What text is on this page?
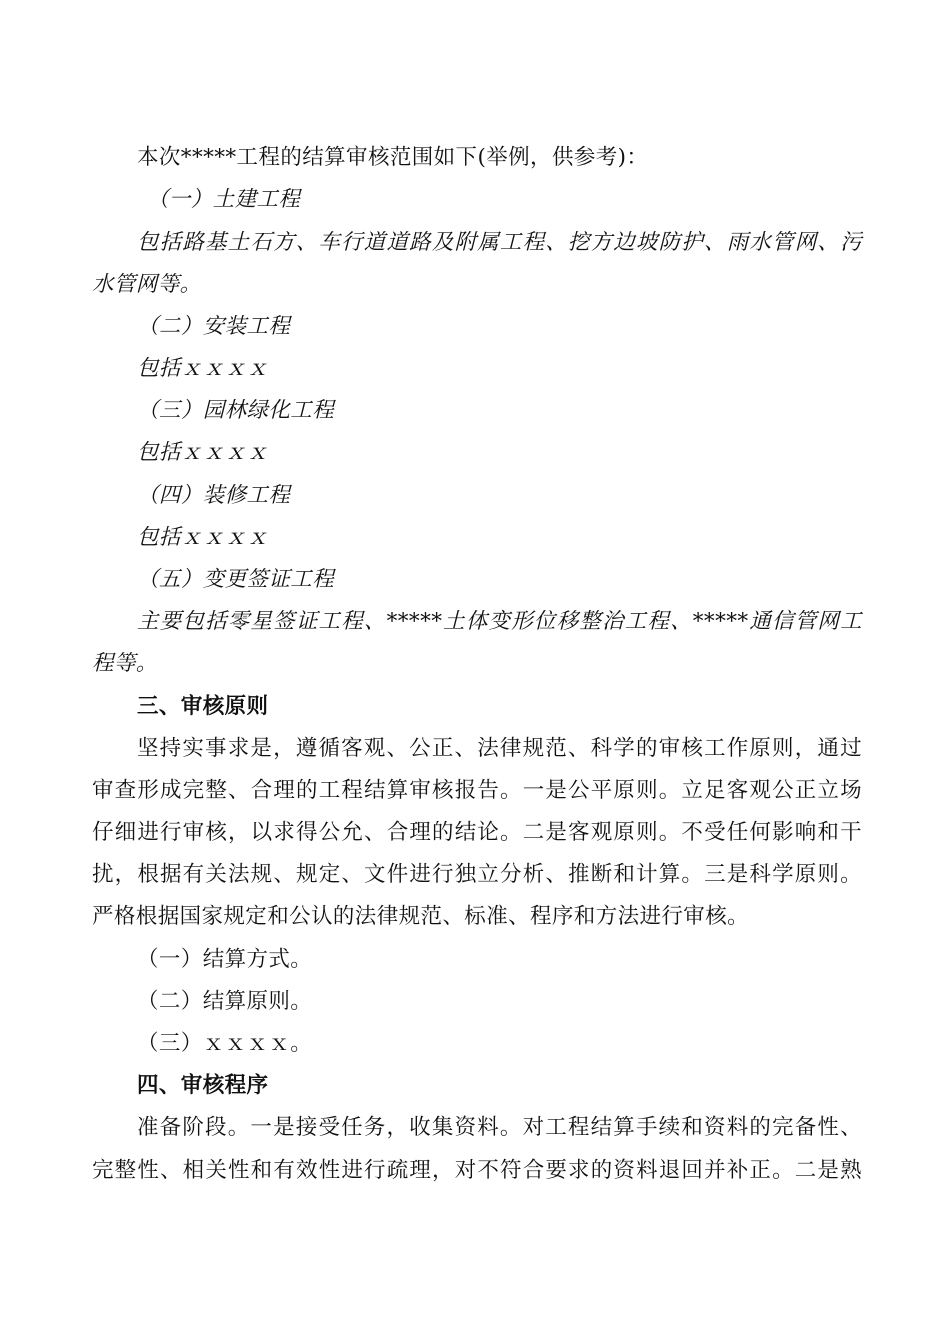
本次*****工程的结算审核范围如下(举例，供参考)：
（一）土建工程
包括路基土石方、车行道道路及附属工程、挖方边坡防护、雨水管网、污
水管网等。
（二）安装工程
包括ｘｘｘｘ
（三）园林绿化工程
包括ｘｘｘｘ
（四）装修工程
包括ｘｘｘｘ
（五）变更签证工程
主要包括零星签证工程、*****土体变形位移整治工程、*****通信管网工
程等。
三、审核原则
坚持实事求是，遵循客观、公正、法律规范、科学的审核工作原则，通过
审查形成完整、合理的工程结算审核报告。一是公平原则。立足客观公正立场
仔细进行审核，以求得公允、合理的结论。二是客观原则。不受任何影响和干
扰，根据有关法规、规定、文件进行独立分析、推断和计算。三是科学原则。
严格根据国家规定和公认的法律规范、标准、程序和方法进行审核。
（一）结算方式。
（二）结算原则。
（三）ｘｘｘｘ。
四、审核程序
准备阶段。一是接受任务，收集资料。对工程结算手续和资料的完备性、
完整性、相关性和有效性进行疏理，对不符合要求的资料退回并补正。二是熟
